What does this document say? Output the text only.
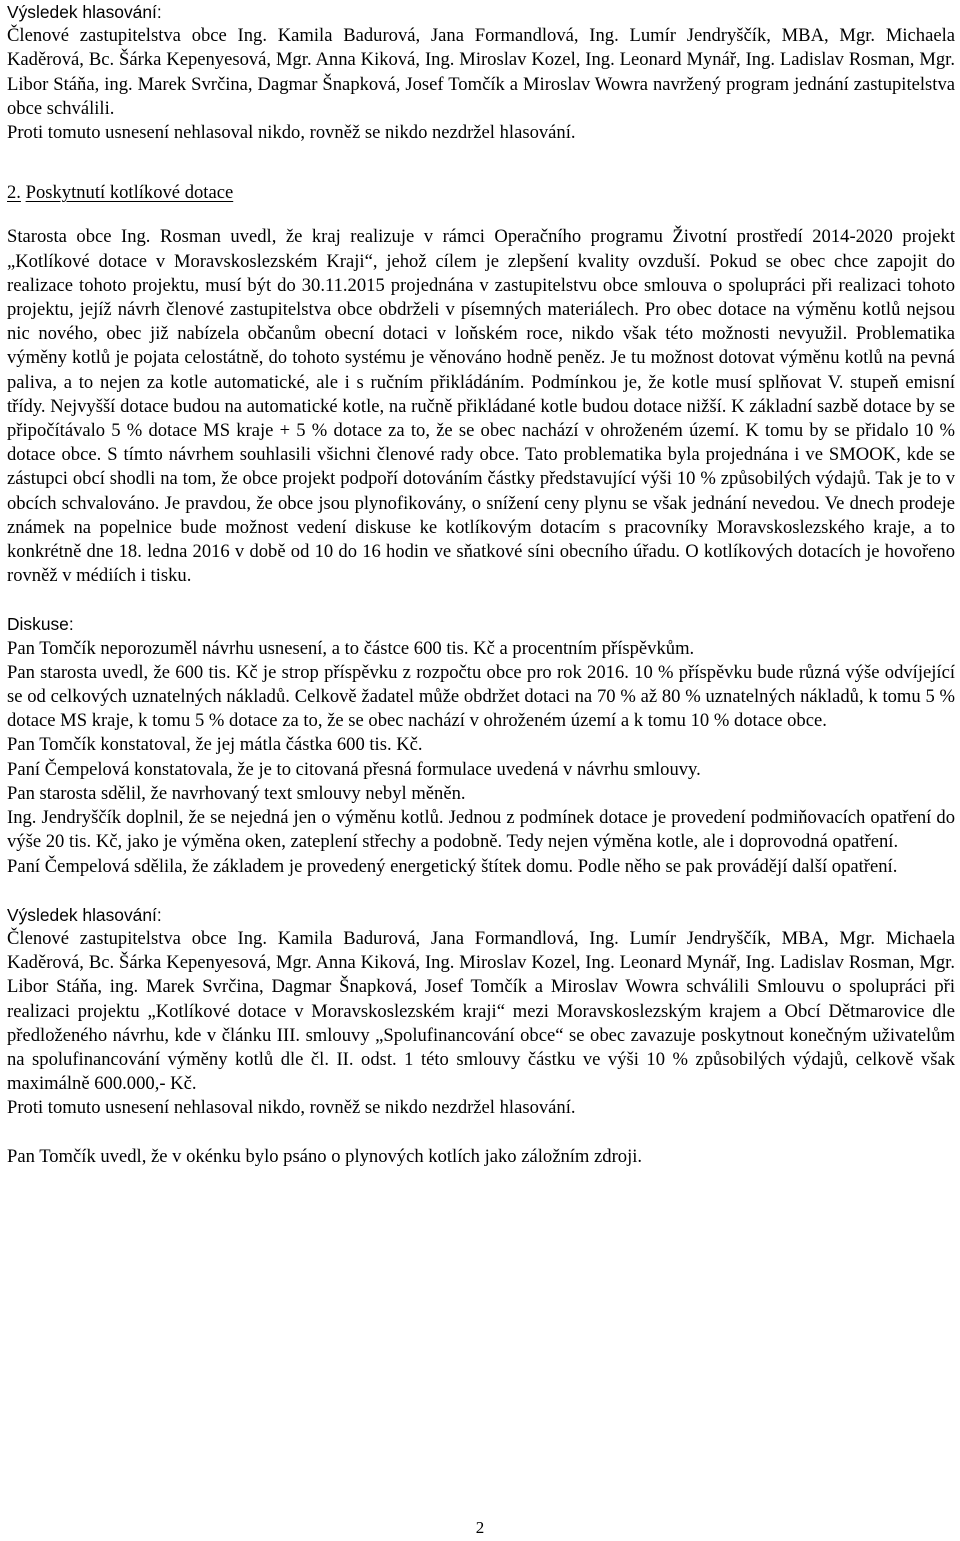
Výsledek hlasování:

Členové zastupitelstva obce Ing. Kamila Badurová, Jana Formandlová, Ing. Lumír Jendryščík, MBA, Mgr. Michaela Kaděrová, Bc. Šárka Kepenyesová, Mgr. Anna Kiková, Ing. Miroslav Kozel, Ing. Leonard Mynář, Ing. Ladislav Rosman, Mgr. Libor Stáňa, ing. Marek Svrčina, Dagmar Šnapková, Josef Tomčík a Miroslav Wowra navržený program jednání zastupitelstva obce schválili.

Proti tomuto usnesení nehlasoval nikdo, rovněž se nikdo nezdržel hlasování.

2. Poskytnutí kotlíkové dotace

Starosta obce Ing. Rosman uvedl, že kraj realizuje v rámci Operačního programu Životní prostředí 2014-2020 projekt „Kotlíkové dotace v Moravskoslezském Kraji“, jehož cílem je zlepšení kvality ovzduší. Pokud se obec chce zapojit do realizace tohoto projektu, musí být do 30.11.2015 projednána v zastupitelstvu obce smlouva o spolupráci při realizaci tohoto projektu, jejíž návrh členové zastupitelstva obce obdrželi v písemných materiálech. Pro obec dotace na výměnu kotlů nejsou nic nového, obec již nabízela občanům obecní dotaci v loňském roce, nikdo však této možnosti nevyužil. Problematika výměny kotlů je pojata celostátně, do tohoto systému je věnováno hodně peněz. Je tu možnost dotovat výměnu kotlů na pevná paliva, a to nejen za kotle automatické, ale i s ručním přikládáním. Podmínkou je, že kotle musí splňovat V. stupeň emisní třídy. Nejvyšší dotace budou na automatické kotle, na ručně přikládané kotle budou dotace nižší. K základní sazbě dotace by se připočítávalo 5 % dotace MS kraje + 5 % dotace za to, že se obec nachází v ohroženém území. K tomu by se přidalo 10 % dotace obce. S tímto návrhem souhlasili všichni členové rady obce. Tato problematika byla projednána i ve SMOOK, kde se zástupci obcí shodli na tom, že obce projekt podpoří dotováním částky představující výši 10 % způsobilých výdajů. Tak je to v obcích schvalováno. Je pravdou, že obce jsou plynofikovány, o snížení ceny plynu se však jednání nevedou. Ve dnech prodeje známek na popelnice bude možnost vedení diskuse ke kotlíkovým dotacím s pracovníky Moravskoslezského kraje, a to konkrétně dne 18. ledna 2016 v době od 10 do 16 hodin ve sňatkové síni obecního úřadu. O kotlíkových dotacích je hovořeno rovněž v médiích i tisku.

Diskuse:

Pan Tomčík neporozuměl návrhu usnesení, a to částce 600 tis. Kč a procentním příspěvkům.

Pan starosta uvedl, že 600 tis. Kč je strop příspěvku z rozpočtu obce pro rok 2016. 10 % příspěvku bude různá výše odvíjející se od celkových uznatelných nákladů. Celkově žadatel může obdržet dotaci na 70 % až 80 % uznatelných nákladů, k tomu 5 % dotace MS kraje, k tomu 5 % dotace za to, že se obec nachází v ohroženém území a k tomu 10 % dotace obce.

Pan Tomčík konstatoval, že jej mátla částka 600 tis. Kč.

Paní Čempelová konstatovala, že je to citovaná přesná formulace uvedená v návrhu smlouvy.

Pan starosta sdělil, že navrhovaný text smlouvy nebyl měněn.

Ing. Jendryščík doplnil, že se nejedná jen o výměnu kotlů. Jednou z podmínek dotace je provedení podmiňovacích opatření do výše 20 tis. Kč, jako je výměna oken, zateplení střechy a podobně. Tedy nejen výměna kotle, ale i doprovodná opatření.

Paní Čempelová sdělila, že základem je provedený energetický štítek domu. Podle něho se pak provádějí další opatření.

Výsledek hlasování:

Členové zastupitelstva obce Ing. Kamila Badurová, Jana Formandlová, Ing. Lumír Jendryščík, MBA, Mgr. Michaela Kaděrová, Bc. Šárka Kepenyesová, Mgr. Anna Kiková, Ing. Miroslav Kozel, Ing. Leonard Mynář, Ing. Ladislav Rosman, Mgr. Libor Stáňa, ing. Marek Svrčina, Dagmar Šnapková, Josef Tomčík a Miroslav Wowra schválili Smlouvu o spolupráci při realizaci projektu „Kotlíkové dotace v Moravskoslezském kraji“ mezi Moravskoslezským krajem a Obcí Dětmarovice dle předloženého návrhu, kde v článku III. smlouvy „Spolufinancování obce“ se obec zavazuje poskytnout konečným uživatelům na spolufinancování výměny kotlů dle čl. II. odst. 1 této smlouvy částku ve výši 10 % způsobilých výdajů, celkově však maximálně 600.000,- Kč.

Proti tomuto usnesení nehlasoval nikdo, rovněž se nikdo nezdržel hlasování.

Pan Tomčík uvedl, že v okénku bylo psáno o plynových kotlích jako záložním zdroji.

2
